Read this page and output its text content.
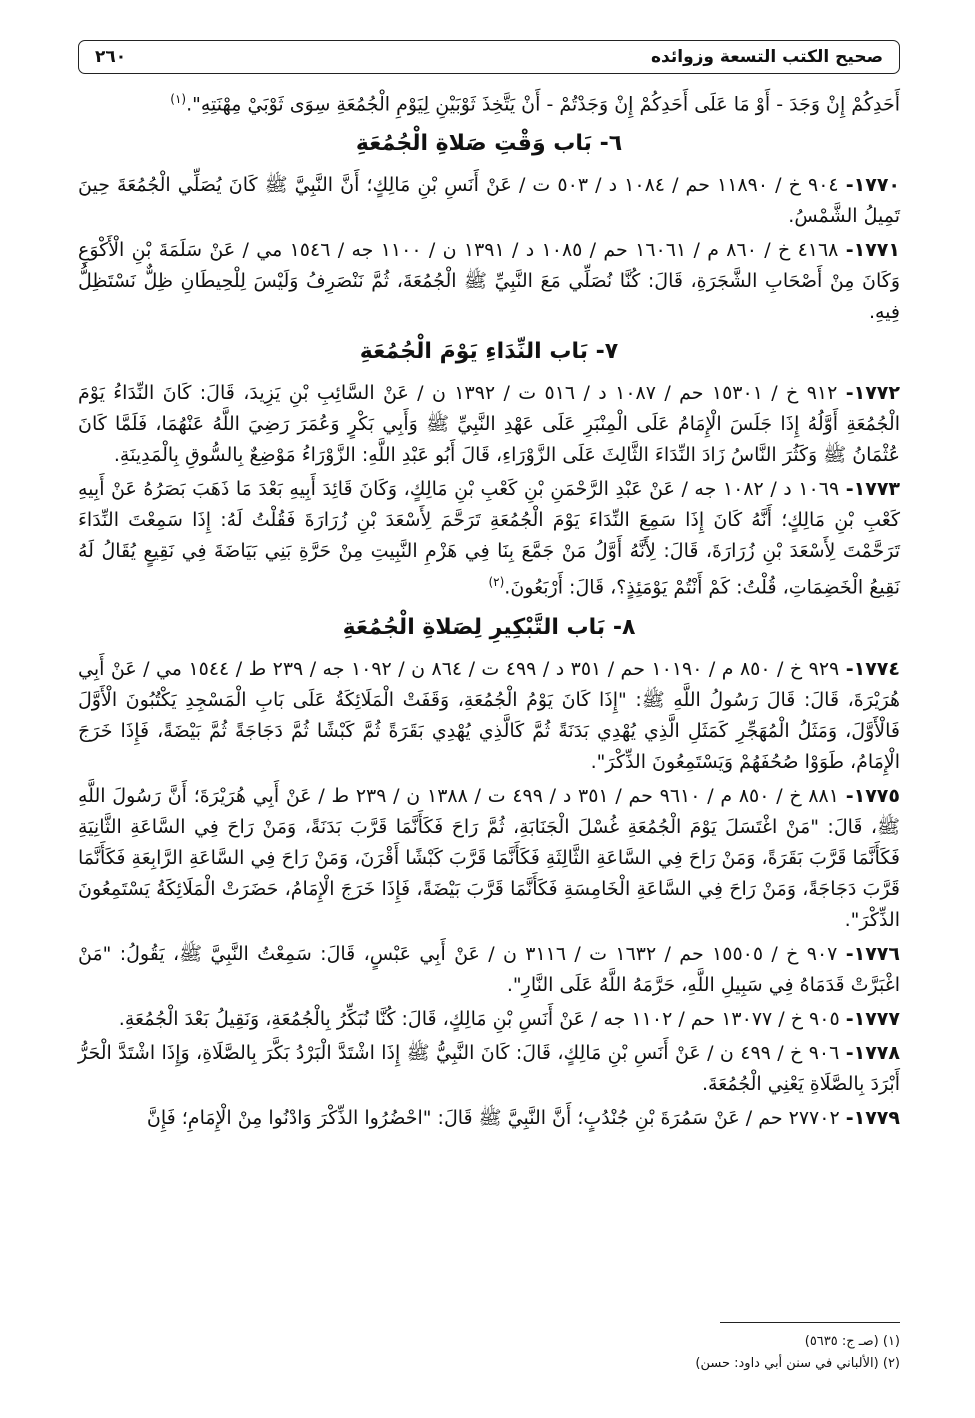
صحيح الكتب التسعة وزوائده
٢٦٠
أَحَدِكُمْ إِنْ وَجَدَ - أَوْ مَا عَلَى أَحَدِكُمْ إِنْ وَجَدْتُمْ - أَنْ يَتَّخِذَ ثَوْبَيْنِ لِيَوْمِ الْجُمُعَةِ سِوَى ثَوْبَيْ مِهْنَتِهِ".$^{(١)}$
٦- بَاب وَقْتِ صَلاةِ الْجُمُعَةِ
١٧٧٠- ٩٠٤ خ / ١١٨٩٠ حم / ١٠٨٤ د / ٥٠٣ ت / عَنْ أَنَسِ بْنِ مَالِكٍ؛ أَنَّ النَّبِيَّ ﷺ كَانَ يُصَلِّي الْجُمُعَةَ حِينَ تَمِيلُ الشَّمْسُ.
١٧٧١- ٤١٦٨ خ / ٨٦٠ م / ١٦٠٦١ حم / ١٠٨٥ د / ١٣٩١ ن / ١١٠٠ جه / ١٥٤٦ مي / عَنْ سَلَمَةَ بْنِ الْأَكْوَعِ وَكَانَ مِنْ أَصْحَابِ الشَّجَرَةِ، قَالَ: كُنَّا نُصَلِّي مَعَ النَّبِيِّ ﷺ الْجُمُعَةَ، ثُمَّ نَنْصَرِفُ وَلَيْسَ لِلْحِيطَانِ ظِلٌّ نَسْتَظِلُّ فِيهِ.
٧- بَاب النِّدَاءِ يَوْمَ الْجُمُعَةِ
١٧٧٢- ٩١٢ خ / ١٥٣٠١ حم / ١٠٨٧ د / ٥١٦ ت / ١٣٩٢ ن / عَنْ السَّائِبِ بْنِ يَزِيدَ، قَالَ: كَانَ النِّدَاءُ يَوْمَ الْجُمُعَةِ أَوَّلُهُ إِذَا جَلَسَ الْإِمَامُ عَلَى الْمِنْبَرِ عَلَى عَهْدِ النَّبِيِّ ﷺ وَأَبِي بَكْرٍ وَعُمَرَ رَضِيَ اللَّهُ عَنْهُمَا، فَلَمَّا كَانَ عُثْمَانُ ﷺ وَكَثُرَ النَّاسُ زَادَ النِّدَاءَ الثَّالِثَ عَلَى الزَّوْرَاءِ، قَالَ أَبُو عَبْدِ اللَّهِ: الزَّوْرَاءُ مَوْضِعٌ بِالسُّوقِ بِالْمَدِينَةِ.
١٧٧٣- ١٠٦٩ د / ١٠٨٢ جه / عَنْ عَبْدِ الرَّحْمَنِ بْنِ كَعْبِ بْنِ مَالِكٍ، وَكَانَ قَائِدَ أَبِيهِ بَعْدَ مَا ذَهَبَ بَصَرُهُ عَنْ أَبِيهِ كَعْبِ بْنِ مَالِكٍ؛ أَنَّهُ كَانَ إِذَا سَمِعَ النِّدَاءَ يَوْمَ الْجُمُعَةِ تَرَحَّمَ لِأَسْعَدَ بْنِ زُرَارَةَ فَقُلْتُ لَهُ: إِذَا سَمِعْتَ النِّدَاءَ تَرَحَّمْتَ لِأَسْعَدَ بْنِ زُرَارَةَ، قَالَ: لِأَنَّهُ أَوَّلُ مَنْ جَمَّعَ بِنَا فِي هَزْمِ النَّبِيتِ مِنْ حَرَّةِ بَنِي بَيَاضَةَ فِي نَقِيعٍ يُقَالُ لَهُ نَقِيعُ الْخَضِمَاتِ، قُلْتُ: كَمْ أَنْتُمْ يَوْمَئِذٍ؟، قَالَ: أَرْبَعُونَ.$^{(٢)}$
٨- بَاب التَّبْكِيرِ لِصَلاةِ الْجُمُعَةِ
١٧٧٤- ٩٢٩ خ / ٨٥٠ م / ١٠١٩٠ حم / ٣٥١ د / ٤٩٩ ت / ٨٦٤ ن / ١٠٩٢ جه / ٢٣٩ ط / ١٥٤٤ مي / عَنْ أَبِي هُرَيْرَةَ، قَالَ: قَالَ رَسُولُ اللَّهِ ﷺ: "إِذَا كَانَ يَوْمُ الْجُمُعَةِ، وَقَفَتْ الْمَلَائِكَةُ عَلَى بَابِ الْمَسْجِدِ يَكْتُبُونَ الْأَوَّلَ فَالْأَوَّلَ، وَمَثَلُ الْمُهَجِّرِ كَمَثَلِ الَّذِي يُهْدِي بَدَنَةً ثُمَّ كَالَّذِي يُهْدِي بَقَرَةً ثُمَّ كَبْشًا ثُمَّ دَجَاجَةً ثُمَّ بَيْضَةً، فَإِذَا خَرَجَ الْإِمَامُ، طَوَوْا صُحُفَهُمْ وَيَسْتَمِعُونَ الذِّكْرَ".
١٧٧٥- ٨٨١ خ / ٨٥٠ م / ٩٦١٠ حم / ٣٥١ د / ٤٩٩ ت / ١٣٨٨ ن / ٢٣٩ ط / عَنْ أَبِي هُرَيْرَةَ؛ أَنَّ رَسُولَ اللَّهِ ﷺ، قَالَ: "مَنْ اغْتَسَلَ يَوْمَ الْجُمُعَةِ غُسْلَ الْجَنَابَةِ، ثُمَّ رَاحَ فَكَأَنَّمَا قَرَّبَ بَدَنَةً، وَمَنْ رَاحَ فِي السَّاعَةِ الثَّانِيَةِ فَكَأَنَّمَا قَرَّبَ بَقَرَةً، وَمَنْ رَاحَ فِي السَّاعَةِ الثَّالِثَةِ فَكَأَنَّمَا قَرَّبَ كَبْشًا أَقْرَنَ، وَمَنْ رَاحَ فِي السَّاعَةِ الرَّابِعَةِ فَكَأَنَّمَا قَرَّبَ دَجَاجَةً، وَمَنْ رَاحَ فِي السَّاعَةِ الْخَامِسَةِ فَكَأَنَّمَا قَرَّبَ بَيْضَةً، فَإِذَا خَرَجَ الْإِمَامُ، حَضَرَتْ الْمَلَائِكَةُ يَسْتَمِعُونَ الذِّكْرَ".
١٧٧٦- ٩٠٧ خ / ١٥٥٠٥ حم / ١٦٣٢ ت / ٣١١٦ ن / عَنْ أَبِي عَبْسٍ، قَالَ: سَمِعْتُ النَّبِيَّ ﷺ، يَقُولُ: "مَنْ اغْبَرَّتْ قَدَمَاهُ فِي سَبِيلِ اللَّهِ، حَرَّمَهُ اللَّهُ عَلَى النَّارِ".
١٧٧٧- ٩٠٥ خ / ١٣٠٧٧ حم / ١١٠٢ جه / عَنْ أَنَسِ بْنِ مَالِكٍ، قَالَ: كُنَّا نُبَكِّرُ بِالْجُمُعَةِ، وَنَقِيلُ بَعْدَ الْجُمُعَةِ.
١٧٧٨- ٩٠٦ خ / ٤٩٩ ن / عَنْ أَنَسِ بْنِ مَالِكٍ، قَالَ: كَانَ النَّبِيُّ ﷺ إِذَا اشْتَدَّ الْبَرْدُ بَكَّرَ بِالصَّلَاةِ، وَإِذَا اشْتَدَّ الْحَرُّ أَبْرَدَ بِالصَّلَاةِ يَعْنِي الْجُمُعَةَ.
١٧٧٩- ٢٧٧٠٢ حم / عَنْ سَمُرَةَ بْنِ جُنْدُبٍ؛ أَنَّ النَّبِيَّ ﷺ قَالَ: "احْضُرُوا الذِّكْرَ وَادْنُوا مِنْ الْإِمَامِ؛ فَإِنَّ
(١) (صـ ج: ٥٦٣٥)
(٢) (الألباني في سنن أبي داود: حسن)
